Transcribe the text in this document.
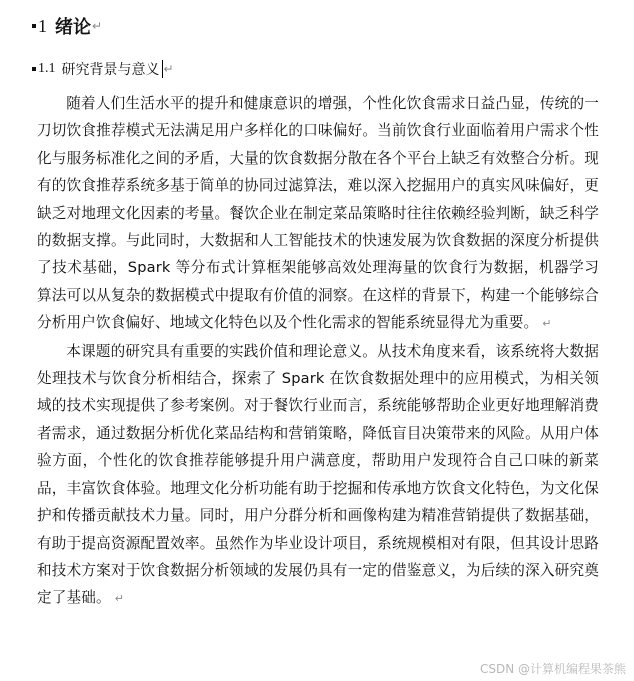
1 绪论 ↵
1.1 研究背景与意义 ↵

随着人们生活水平的提升和健康意识的增强，个性化饮食需求日益凸显，传统的一刀切饮食推荐模式无法满足用户多样化的口味偏好。当前饮食行业面临着用户需求个性化与服务标准化之间的矛盾，大量的饮食数据分散在各个平台上缺乏有效整合分析。现有的饮食推荐系统多基于简单的协同过滤算法，难以深入挖掘用户的真实风味偏好，更缺乏对地理文化因素的考量。餐饮企业在制定菜品策略时往往依赖经验判断，缺乏科学的数据支撑。与此同时，大数据和人工智能技术的快速发展为饮食数据的深度分析提供了技术基础，Spark 等分布式计算框架能够高效处理海量的饮食行为数据，机器学习算法可以从复杂的数据模式中提取有价值的洞察。在这样的背景下，构建一个能够综合分析用户饮食偏好、地域文化特色以及个性化需求的智能系统显得尤为重要。 ↵

本课题的研究具有重要的实践价值和理论意义。从技术角度来看，该系统将大数据处理技术与饮食分析相结合，探索了 Spark 在饮食数据处理中的应用模式，为相关领域的技术实现提供了参考案例。对于餐饮行业而言，系统能够帮助企业更好地理解消费者需求，通过数据分析优化菜品结构和营销策略，降低盲目决策带来的风险。从用户体验方面，个性化的饮食推荐能够提升用户满意度，帮助用户发现符合自己口味的新菜品，丰富饮食体验。地理文化分析功能有助于挖掘和传承地方饮食文化特色，为文化保护和传播贡献技术力量。同时，用户分群分析和画像构建为精准营销提供了数据基础，有助于提高资源配置效率。虽然作为毕业设计项目，系统规模相对有限，但其设计思路和技术方案对于饮食数据分析领域的发展仍具有一定的借鉴意义，为后续的深入研究奠定了基础。 ↵

CSDN @计算机编程果茶熊
